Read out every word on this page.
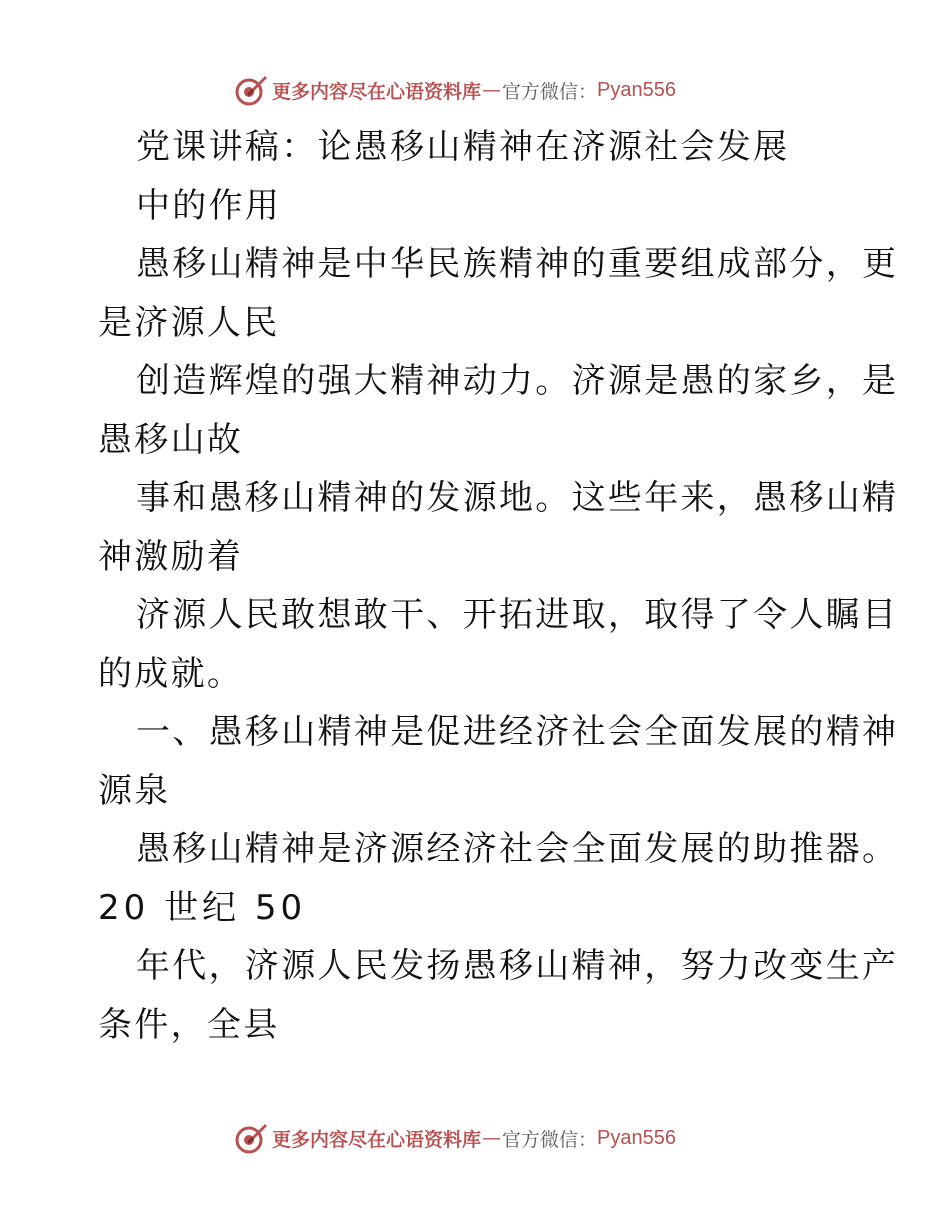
更多内容尽在心语资料库 — 官方微信： Pyan556
党课讲稿：论愚移山精神在济源社会发展
中的作用
愚移山精神是中华民族精神的重要组成部分，更
是济源人民
创造辉煌的强大精神动力。济源是愚的家乡，是
愚移山故
事和愚移山精神的发源地。这些年来，愚移山精
神激励着
济源人民敢想敢干、开拓进取，取得了令人瞩目
的成就。
一、愚移山精神是促进经济社会全面发展的精神
源泉
愚移山精神是济源经济社会全面发展的助推器。
20 世纪 50
年代，济源人民发扬愚移山精神，努力改变生产
条件，全县
更多内容尽在心语资料库 — 官方微信： Pyan556
